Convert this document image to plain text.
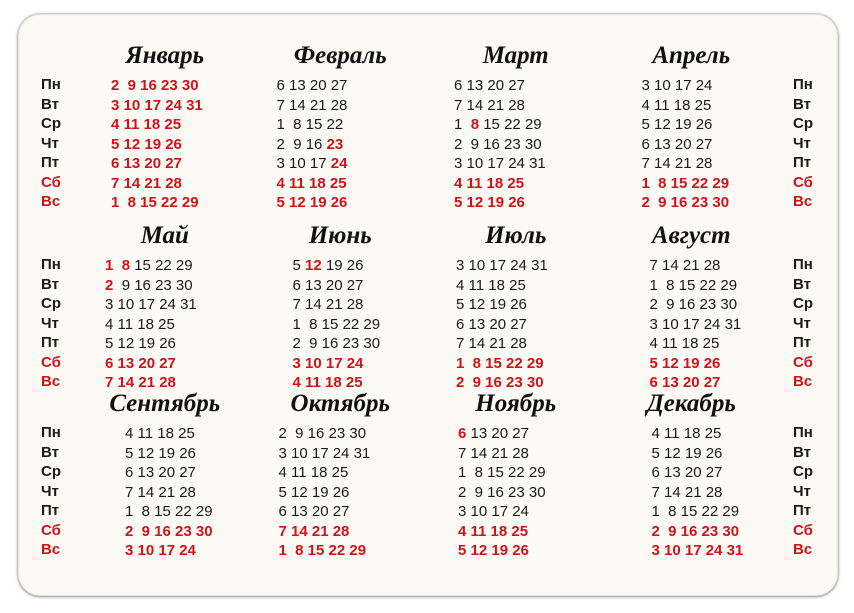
Пн
Вт
Ср
Чт
Пт
Сб
Вс
Январь
2  9 16 23 30
3 10 17 24 31
4 11 18 25
5 12 19 26
6 13 20 27
7 14 21 28
1  8 15 22 29
Февраль
6 13 20 27
7 14 21 28
1  8 15 22
2 9 16 23
3 10 17 24
4 11 18 25
5 12 19 26
Март
6 13 20 27
7 14 21 28
1 8 15 22 29
2  9 16 23 30
3 10 17 24 31
4 11 18 25
5 12 19 26
Апрель
3 10 17 24
4 11 18 25
5 12 19 26
6 13 20 27
7 14 21 28
1  8 15 22 29
2  9 16 23 30
Пн
Вт
Ср
Чт
Пт
Сб
Вс
Пн
Вт
Ср
Чт
Пт
Сб
Вс
Май
1 8 15 22 29
2 9 16 23 30
3 10 17 24 31
4 11 18 25
5 12 19 26
6 13 20 27
7 14 21 28
Июнь
5 12 19 26
6 13 20 27
7 14 21 28
1  8 15 22 29
2  9 16 23 30
3 10 17 24
4 11 18 25
Июль
3 10 17 24 31
4 11 18 25
5 12 19 26
6 13 20 27
7 14 21 28
1  8 15 22 29
2  9 16 23 30
Август
7 14 21 28
1  8 15 22 29
2  9 16 23 30
3 10 17 24 31
4 11 18 25
5 12 19 26
6 13 20 27
Пн
Вт
Ср
Чт
Пт
Сб
Вс
Пн
Вт
Ср
Чт
Пт
Сб
Вс
Сентябрь
4 11 18 25
5 12 19 26
6 13 20 27
7 14 21 28
1  8 15 22 29
2  9 16 23 30
3 10 17 24
Октябрь
2  9 16 23 30
3 10 17 24 31
4 11 18 25
5 12 19 26
6 13 20 27
7 14 21 28
1  8 15 22 29
Ноябрь
6 13 20 27
7 14 21 28
1  8 15 22 29
2  9 16 23 30
3 10 17 24
4 11 18 25
5 12 19 26
Декабрь
4 11 18 25
5 12 19 26
6 13 20 27
7 14 21 28
1  8 15 22 29
2  9 16 23 30
3 10 17 24 31
Пн
Вт
Ср
Чт
Пт
Сб
Вс
